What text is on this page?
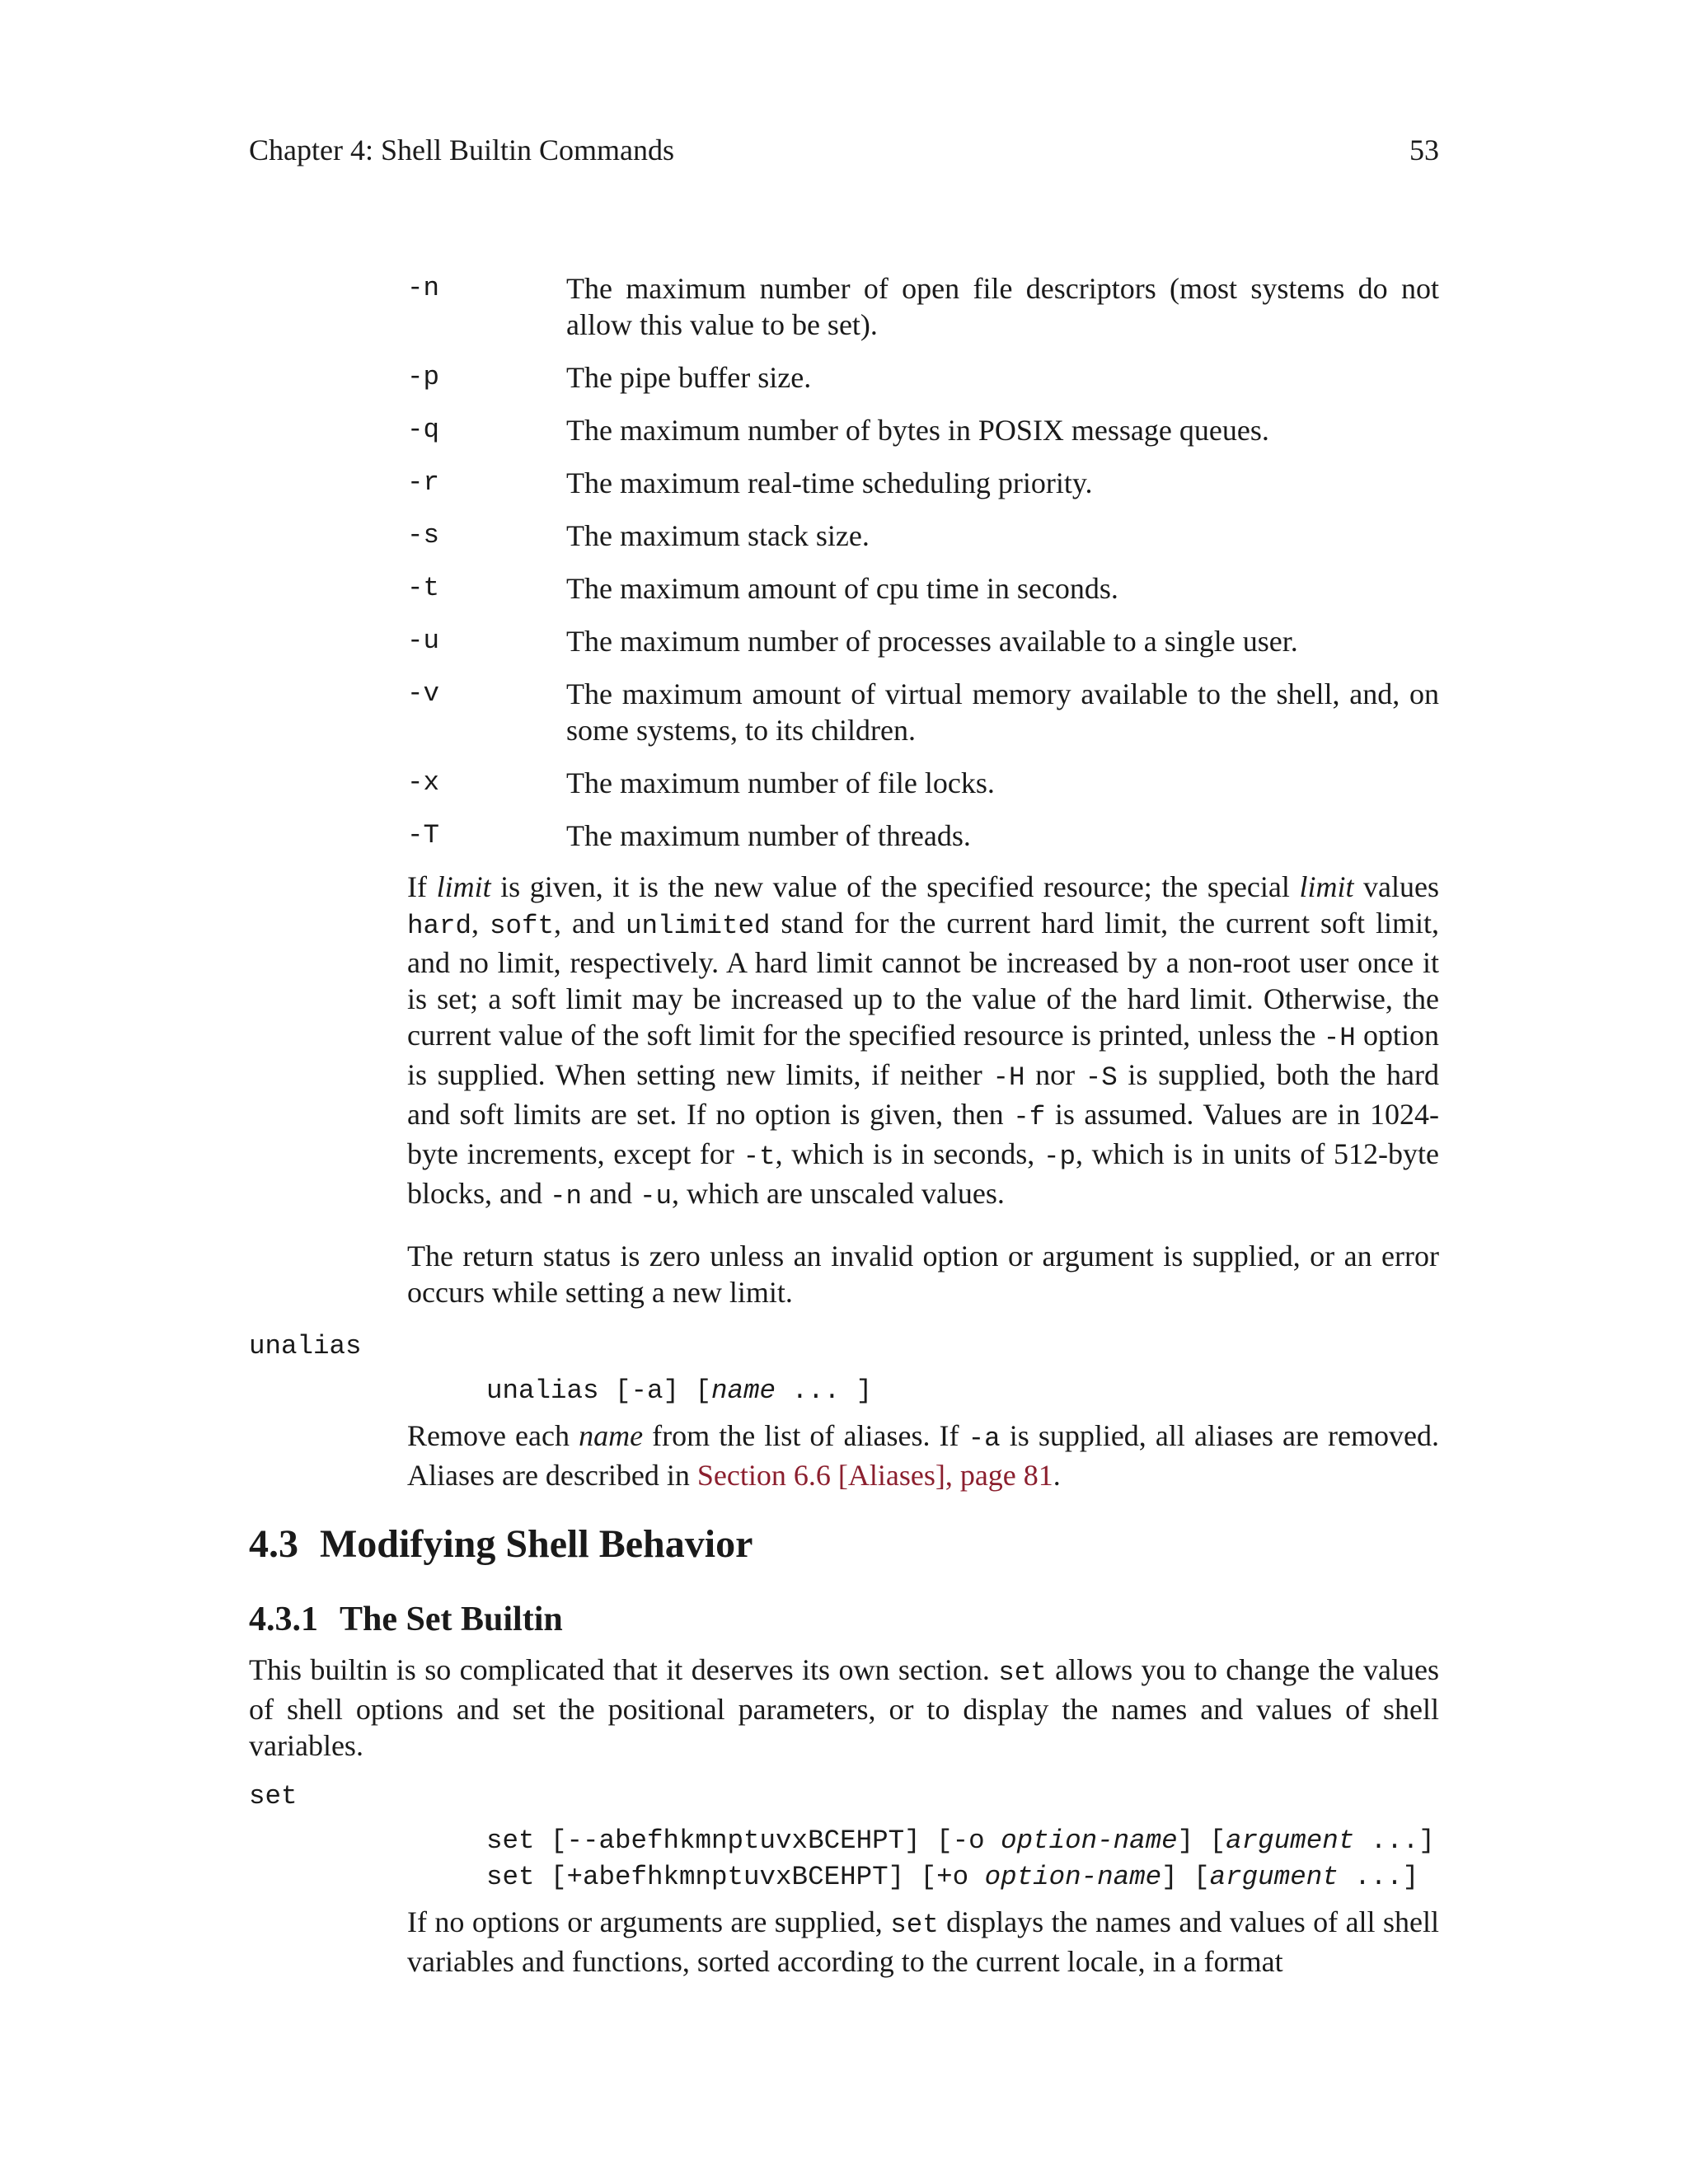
Chapter 4: Shell Builtin Commands	53
-n	The maximum number of open file descriptors (most systems do not allow this value to be set).
-p	The pipe buffer size.
-q	The maximum number of bytes in POSIX message queues.
-r	The maximum real-time scheduling priority.
-s	The maximum stack size.
-t	The maximum amount of cpu time in seconds.
-u	The maximum number of processes available to a single user.
-v	The maximum amount of virtual memory available to the shell, and, on some systems, to its children.
-x	The maximum number of file locks.
-T	The maximum number of threads.
If limit is given, it is the new value of the specified resource; the special limit values hard, soft, and unlimited stand for the current hard limit, the current soft limit, and no limit, respectively. A hard limit cannot be increased by a non-root user once it is set; a soft limit may be increased up to the value of the hard limit. Otherwise, the current value of the soft limit for the specified resource is printed, unless the -H option is supplied. When setting new limits, if neither -H nor -S is supplied, both the hard and soft limits are set. If no option is given, then -f is assumed. Values are in 1024-byte increments, except for -t, which is in seconds, -p, which is in units of 512-byte blocks, and -n and -u, which are unscaled values.
The return status is zero unless an invalid option or argument is supplied, or an error occurs while setting a new limit.
unalias
unalias [-a] [name ... ]
Remove each name from the list of aliases. If -a is supplied, all aliases are removed. Aliases are described in Section 6.6 [Aliases], page 81.
4.3 Modifying Shell Behavior
4.3.1 The Set Builtin
This builtin is so complicated that it deserves its own section. set allows you to change the values of shell options and set the positional parameters, or to display the names and values of shell variables.
set
set [--abefhkmnptuvxBCEHPT] [-o option-name] [argument ...]
set [+abefhkmnptuvxBCEHPT] [+o option-name] [argument ...]
If no options or arguments are supplied, set displays the names and values of all shell variables and functions, sorted according to the current locale, in a format
